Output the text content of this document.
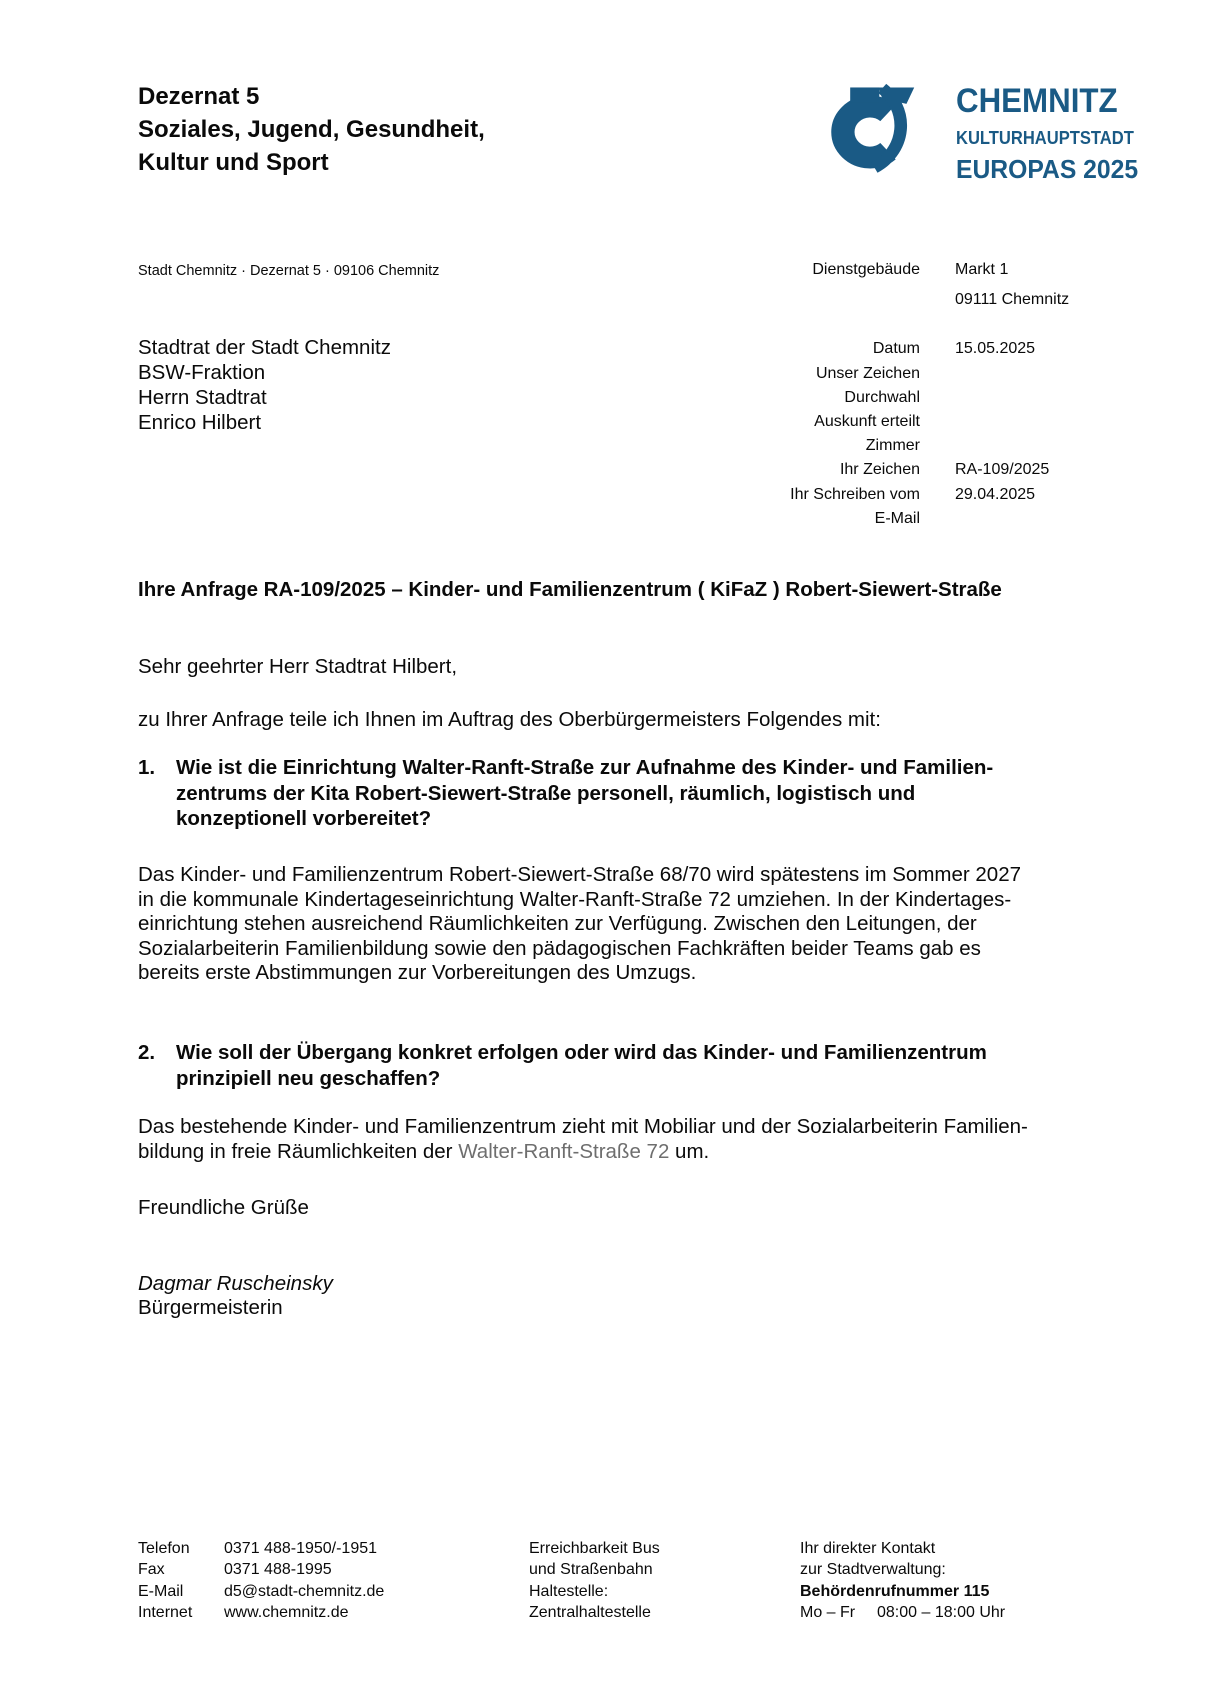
Dezernat 5
Soziales, Jugend, Gesundheit,
Kultur und Sport
CHEMNITZ
KULTURHAUPTSTADT
EUROPAS 2025
Stadt Chemnitz · Dezernat 5 · 09106 Chemnitz
Stadtrat der Stadt Chemnitz
BSW-Fraktion
Herrn Stadtrat
Enrico Hilbert
Dienstgebäude Markt 1
09111 Chemnitz
Datum 15.05.2025
Unser Zeichen
Durchwahl
Auskunft erteilt
Zimmer
Ihr Zeichen RA-109/2025
Ihr Schreiben vom 29.04.2025
E-Mail
Ihre Anfrage RA-109/2025 – Kinder- und Familienzentrum ( KiFaZ ) Robert-Siewert-Straße
Sehr geehrter Herr Stadtrat Hilbert,
zu Ihrer Anfrage teile ich Ihnen im Auftrag des Oberbürgermeisters Folgendes mit:
1. Wie ist die Einrichtung Walter-Ranft-Straße zur Aufnahme des Kinder- und Familien-
zentrums der Kita Robert-Siewert-Straße personell, räumlich, logistisch und
konzeptionell vorbereitet?
Das Kinder- und Familienzentrum Robert-Siewert-Straße 68/70 wird spätestens im Sommer 2027
in die kommunale Kindertageseinrichtung Walter-Ranft-Straße 72 umziehen. In der Kindertages-
einrichtung stehen ausreichend Räumlichkeiten zur Verfügung. Zwischen den Leitungen, der
Sozialarbeiterin Familienbildung sowie den pädagogischen Fachkräften beider Teams gab es
bereits erste Abstimmungen zur Vorbereitungen des Umzugs.
2. Wie soll der Übergang konkret erfolgen oder wird das Kinder- und Familienzentrum
prinzipiell neu geschaffen?
Das bestehende Kinder- und Familienzentrum zieht mit Mobiliar und der Sozialarbeiterin Familien-
bildung in freie Räumlichkeiten der Walter-Ranft-Straße 72 um.
Freundliche Grüße
Dagmar Ruscheinsky
Bürgermeisterin
Telefon 0371 488-1950/-1951
Fax	0371 488-1995
E-Mail	d5@stadt-chemnitz.de
Internet www.chemnitz.de
Erreichbarkeit Bus
und Straßenbahn
Haltestelle:
Zentralhaltestelle
Ihr direkter Kontakt
zur Stadtverwaltung:
Behördenrufnummer 115
Mo – Fr 08:00 – 18:00 Uhr
